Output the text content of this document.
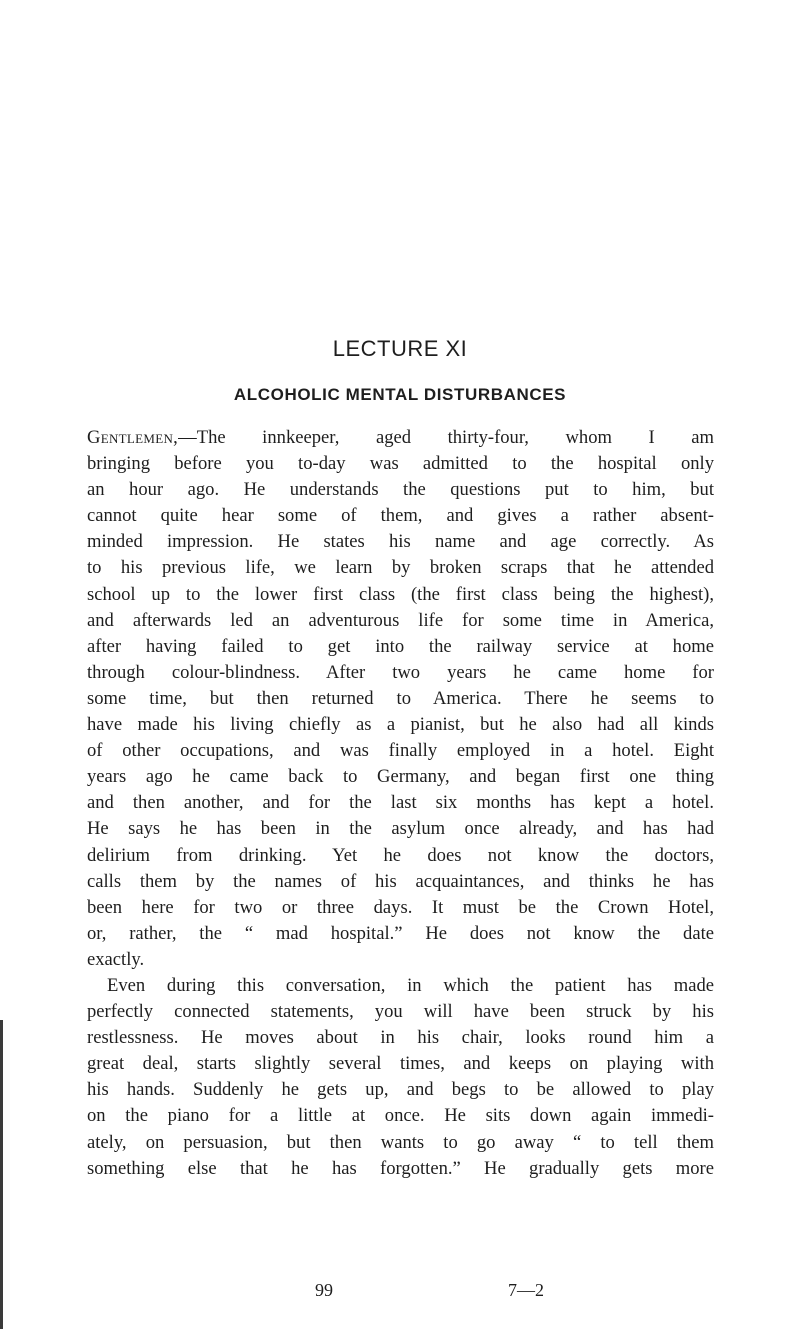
LECTURE XI
ALCOHOLIC MENTAL DISTURBANCES
Gentlemen,—The innkeeper, aged thirty-four, whom I am
bringing before you to-day was admitted to the hospital only
an hour ago. He understands the questions put to him, but
cannot quite hear some of them, and gives a rather absent-
minded impression. He states his name and age correctly. As
to his previous life, we learn by broken scraps that he attended
school up to the lower first class (the first class being the highest),
and afterwards led an adventurous life for some time in America,
after having failed to get into the railway service at home
through colour-blindness. After two years he came home for
some time, but then returned to America. There he seems to
have made his living chiefly as a pianist, but he also had all kinds
of other occupations, and was finally employed in a hotel. Eight
years ago he came back to Germany, and began first one thing
and then another, and for the last six months has kept a hotel.
He says he has been in the asylum once already, and has had
delirium from drinking. Yet he does not know the doctors,
calls them by the names of his acquaintances, and thinks he has
been here for two or three days. It must be the Crown Hotel,
or, rather, the “ mad hospital.” He does not know the date
exactly.
Even during this conversation, in which the patient has made
perfectly connected statements, you will have been struck by his
restlessness. He moves about in his chair, looks round him a
great deal, starts slightly several times, and keeps on playing with
his hands. Suddenly he gets up, and begs to be allowed to play
on the piano for a little at once. He sits down again immedi-
ately, on persuasion, but then wants to go away “ to tell them
something else that he has forgotten.” He gradually gets more
99	7—2
